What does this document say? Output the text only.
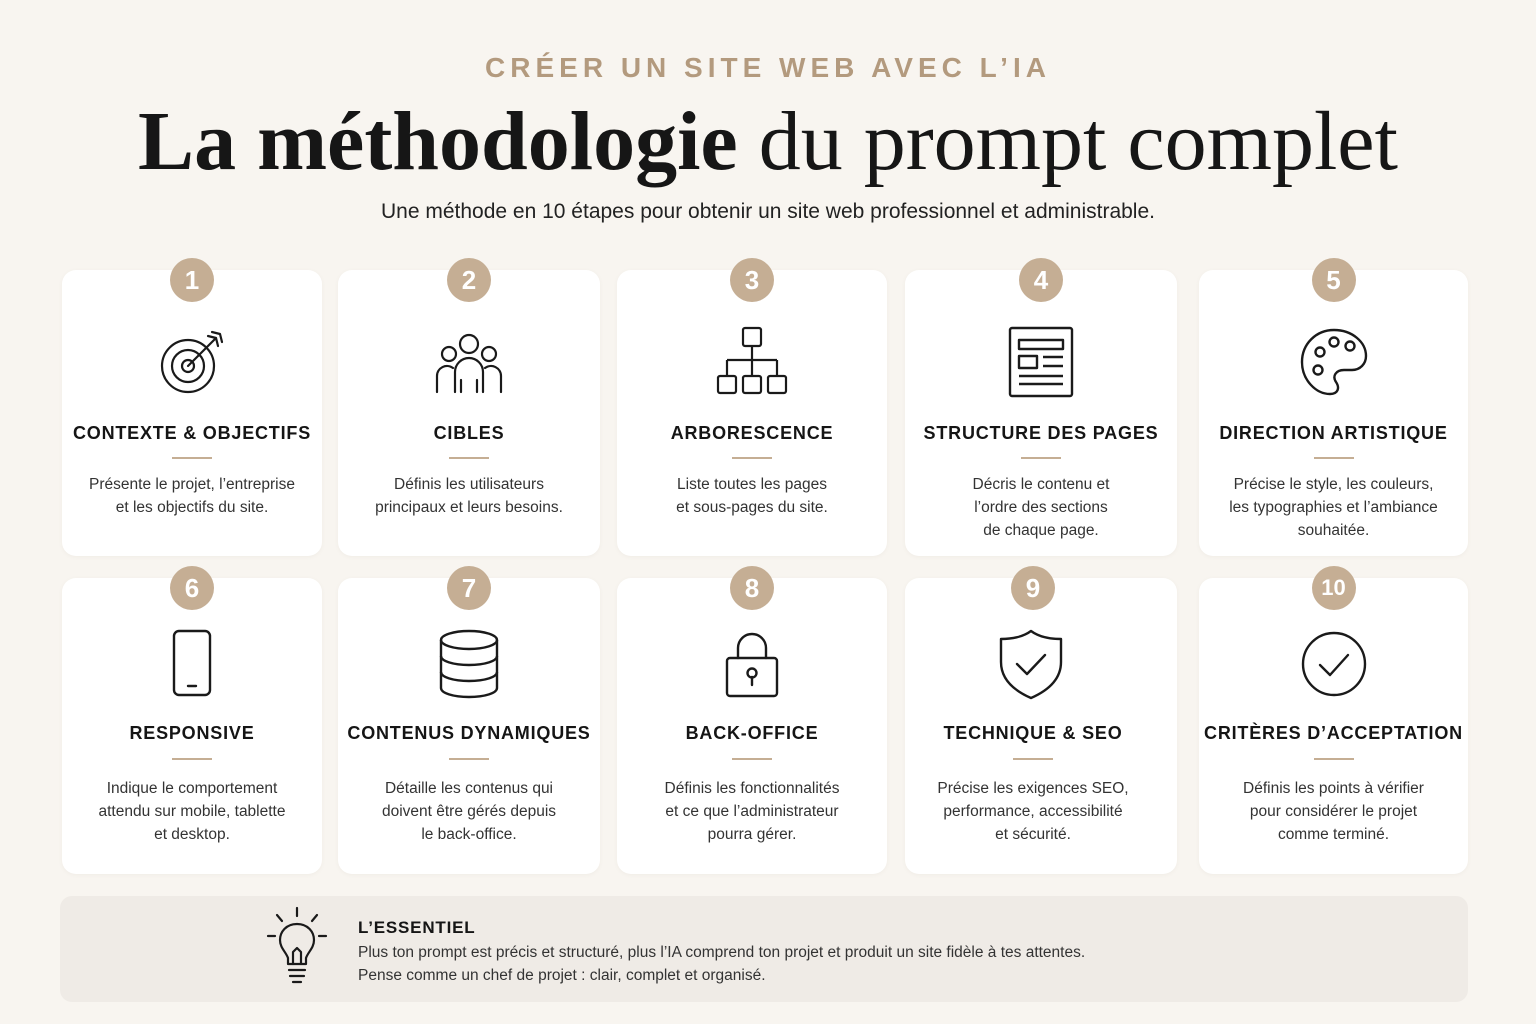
CRÉER UN SITE WEB AVEC L’IA
La méthodologie du prompt complet
Une méthode en 10 étapes pour obtenir un site web professionnel et administrable.
1
CONTEXTE & OBJECTIFS
Présente le projet, l’entreprise
et les objectifs du site.
2
CIBLES
Définis les utilisateurs
principaux et leurs besoins.
3
ARBORESCENCE
Liste toutes les pages
et sous-pages du site.
4
STRUCTURE DES PAGES
Décris le contenu et
l’ordre des sections
de chaque page.
5
DIRECTION ARTISTIQUE
Précise le style, les couleurs,
les typographies et l’ambiance
souhaitée.
6
RESPONSIVE
Indique le comportement
attendu sur mobile, tablette
et desktop.
7
CONTENUS DYNAMIQUES
Détaille les contenus qui
doivent être gérés depuis
le back-office.
8
BACK-OFFICE
Définis les fonctionnalités
et ce que l’administrateur
pourra gérer.
9
TECHNIQUE & SEO
Précise les exigences SEO,
performance, accessibilité
et sécurité.
10
CRITÈRES D’ACCEPTATION
Définis les points à vérifier
pour considérer le projet
comme terminé.
L’ESSENTIEL
Plus ton prompt est précis et structuré, plus l’IA comprend ton projet et produit un site fidèle à tes attentes.
Pense comme un chef de projet : clair, complet et organisé.
